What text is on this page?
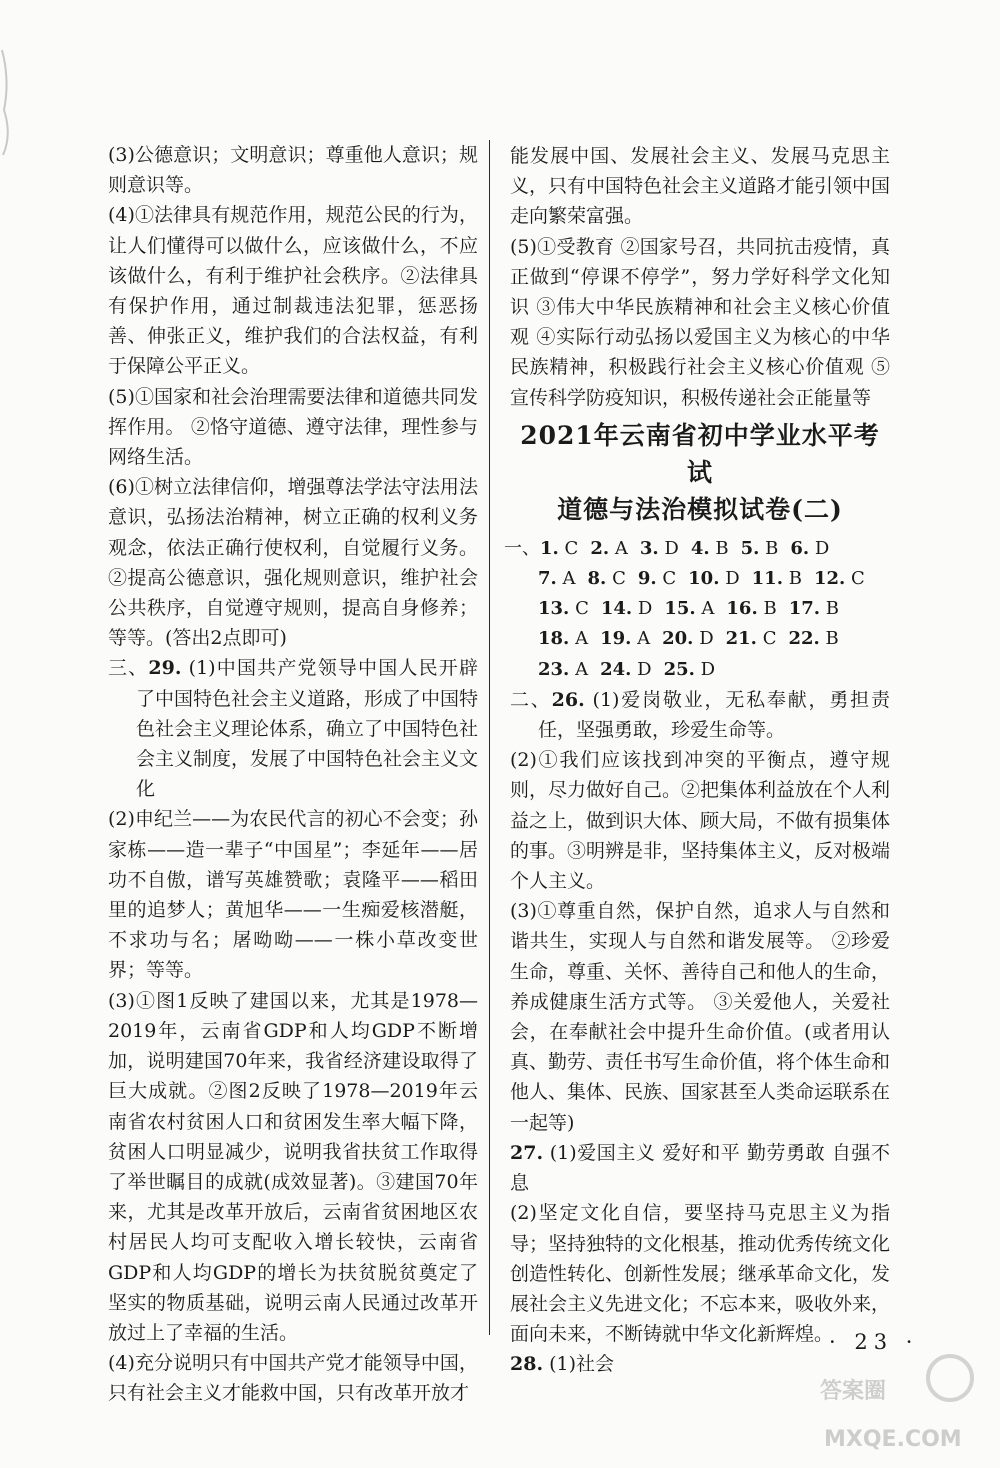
(3)公德意识；文明意识；尊重他人意识；规则意识等。

(4)①法律具有规范作用，规范公民的行为，让人们懂得可以做什么，应该做什么，不应该做什么，有利于维护社会秩序。②法律具有保护作用，通过制裁违法犯罪，惩恶扬善、伸张正义，维护我们的合法权益，有利于保障公平正义。

(5)①国家和社会治理需要法律和道德共同发挥作用。 ②恪守道德、遵守法律，理性参与网络生活。

(6)①树立法律信仰，增强尊法学法守法用法意识，弘扬法治精神，树立正确的权利义务观念，依法正确行使权利，自觉履行义务。②提高公德意识，强化规则意识，维护社会公共秩序，自觉遵守规则，提高自身修养；等等。(答出2点即可)

三、29. (1)中国共产党领导中国人民开辟了中国特色社会主义道路，形成了中国特色社会主义理论体系，确立了中国特色社会主义制度，发展了中国特色社会主义文化

(2)申纪兰——为农民代言的初心不会变；孙家栋——造一辈子“中国星”；李延年——居功不自傲，谱写英雄赞歌；袁隆平——稻田里的追梦人；黄旭华——一生痴爱核潜艇，不求功与名；屠呦呦——一株小草改变世界；等等。

(3)①图1反映了建国以来，尤其是1978—2019年，云南省GDP和人均GDP不断增加，说明建国70年来，我省经济建设取得了巨大成就。②图2反映了1978—2019年云南省农村贫困人口和贫困发生率大幅下降，贫困人口明显减少，说明我省扶贫工作取得了举世瞩目的成就(成效显著)。③建国70年来，尤其是改革开放后，云南省贫困地区农村居民人均可支配收入增长较快，云南省GDP和人均GDP的增长为扶贫脱贫奠定了坚实的物质基础，说明云南人民通过改革开放过上了幸福的生活。

(4)充分说明只有中国共产党才能领导中国，只有社会主义才能救中国，只有改革开放才

能发展中国、发展社会主义、发展马克思主义，只有中国特色社会主义道路才能引领中国走向繁荣富强。

(5)①受教育 ②国家号召，共同抗击疫情，真正做到“停课不停学”，努力学好科学文化知识 ③伟大中华民族精神和社会主义核心价值观 ④实际行动弘扬以爱国主义为核心的中华民族精神，积极践行社会主义核心价值观 ⑤宣传科学防疫知识，积极传递社会正能量等

2021年云南省初中学业水平考试
道德与法治模拟试卷(二)

一、1. C 2. A 3. D 4. B 5. B 6. D

7. A 8. C 9. C 10. D 11. B 12. C

13. C 14. D 15. A 16. B 17. B

18. A 19. A 20. D 21. C 22. B

23. A 24. D 25. D

二、26. (1)爱岗敬业，无私奉献，勇担责任，坚强勇敢，珍爱生命等。

(2)①我们应该找到冲突的平衡点，遵守规则，尽力做好自己。②把集体利益放在个人利益之上，做到识大体、顾大局，不做有损集体的事。③明辨是非，坚持集体主义，反对极端个人主义。

(3)①尊重自然，保护自然，追求人与自然和谐共生，实现人与自然和谐发展等。 ②珍爱生命，尊重、关怀、善待自己和他人的生命，养成健康生活方式等。 ③关爱他人，关爱社会，在奉献社会中提升生命价值。(或者用认真、勤劳、责任书写生命价值，将个体生命和他人、集体、民族、国家甚至人类命运联系在一起等)

27. (1)爱国主义 爱好和平 勤劳勇敢 自强不息

(2)坚定文化自信，要坚持马克思主义为指导；坚持独特的文化根基，推动优秀传统文化创造性转化、创新性发展；继承革命文化，发展社会主义先进文化；不忘本来，吸收外来，面向未来，不断铸就中华文化新辉煌。

28. (1)社会

· 23 ·
答案圈
MXQE.COM
